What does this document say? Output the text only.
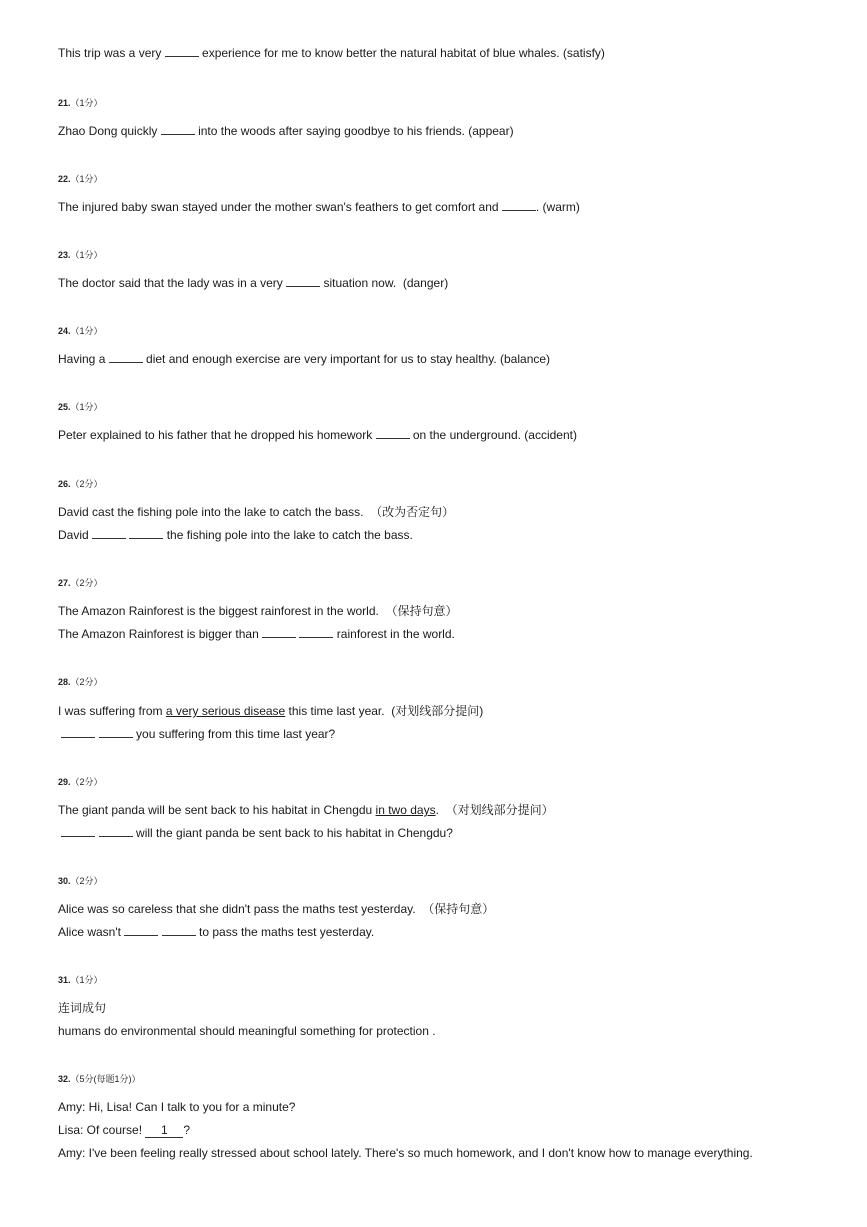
This trip was a very	experience for me to know better the natural habitat of blue whales. (satisfy)
21.（1分）
Zhao Dong quickly	into the woods after saying goodbye to his friends. (appear)
22.（1分）
The injured baby swan stayed under the mother swan's feathers to get comfort and	. (warm)
23.（1分）
The doctor said that the lady was in a very	situation now.  (danger)
24.（1分）
Having a	diet and enough exercise are very important for us to stay healthy. (balance)
25.（1分）
Peter explained to his father that he dropped his homework	on the underground. (accident)
26.（2分）
David cast the fishing pole into the lake to catch the bass.  （改为否定句）
David	the fishing pole into the lake to catch the bass.
27.（2分）
The Amazon Rainforest is the biggest rainforest in the world.  （保持句意）
The Amazon Rainforest is bigger than	rainforest in the world.
28.（2分）
I was suffering from a very serious disease this time last year.  (对划线部分提问)
you suffering from this time last year?
29.（2分）
The giant panda will be sent back to his habitat in Chengdu in two days.  （对划线部分提问）
will the giant panda be sent back to his habitat in Chengdu?
30.（2分）
Alice was so careless that she didn't pass the maths test yesterday.  （保持句意）
Alice wasn't	to pass the maths test yesterday.
31.（1分）
连词成句
humans do environmental should meaningful something for protection .
32.（5分(每题1分)）
Amy: Hi, Lisa! Can I talk to you for a minute?
Lisa: Of course! 1 ?
Amy: I've been feeling really stressed about school lately. There's so much homework, and I don't know how to manage everything.
